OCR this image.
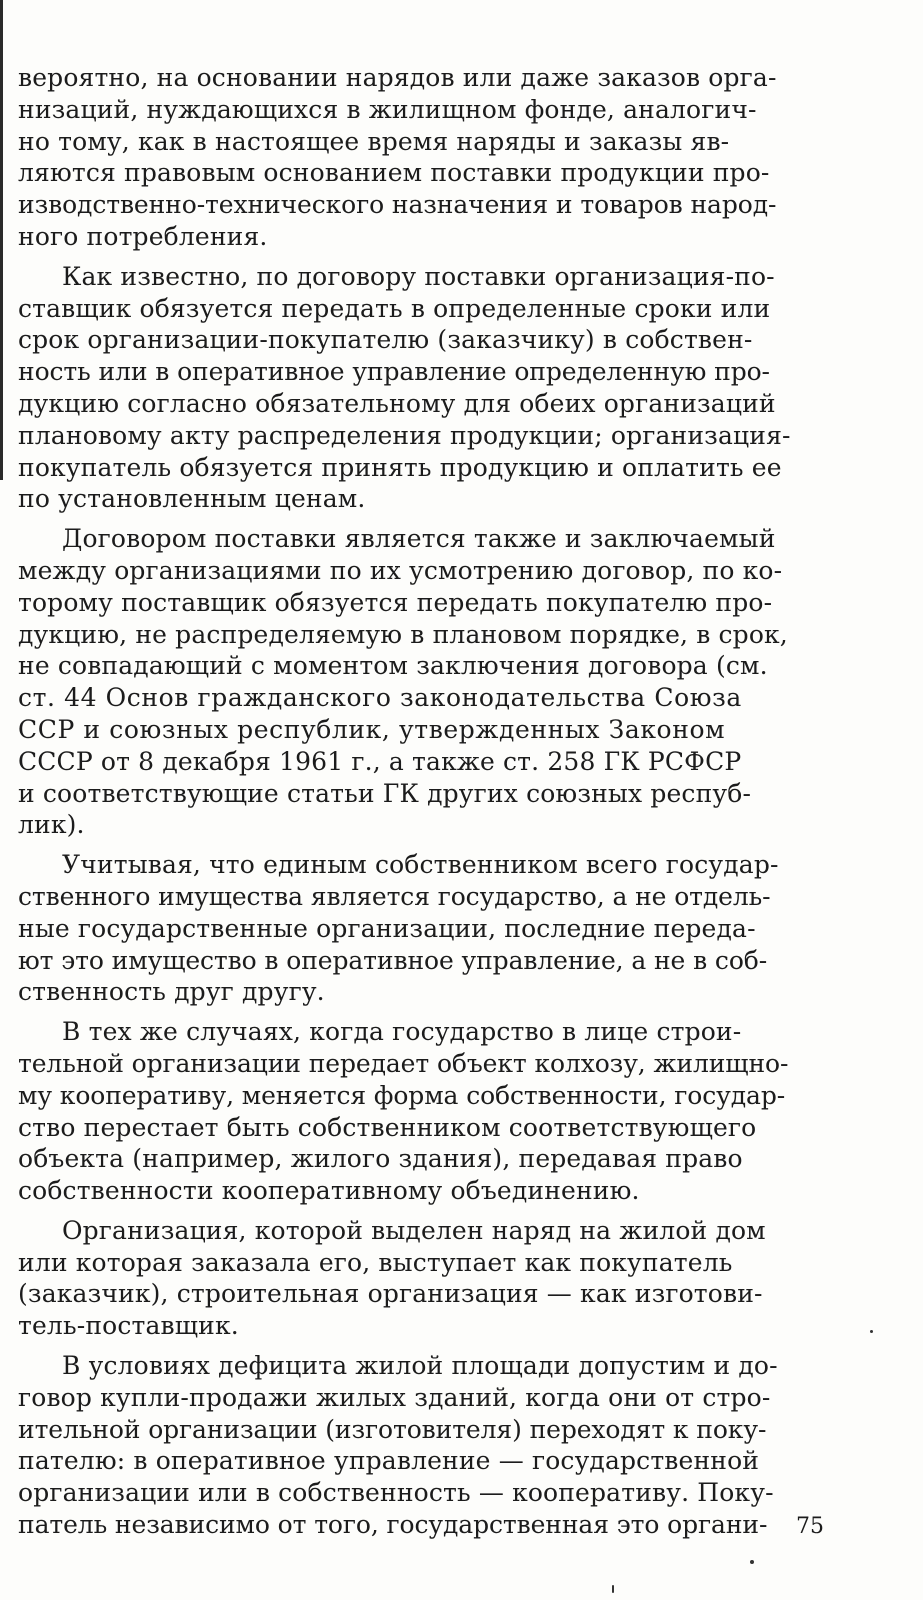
вероятно, на основании нарядов или даже заказов орга-
низаций, нуждающихся в жилищном фонде, аналогич-
но тому, как в настоящее время наряды и заказы яв-
ляются правовым основанием поставки продукции про-
изводственно-технического назначения и товаров народ-
ного потребления.
Как известно, по договору поставки организация-по-
ставщик обязуется передать в определенные сроки или
срок организации-покупателю (заказчику) в собствен-
ность или в оперативное управление определенную про-
дукцию согласно обязательному для обеих организаций
плановому акту распределения продукции; организация-
покупатель обязуется принять продукцию и оплатить ее
по установленным ценам.
Договором поставки является также и заключаемый
между организациями по их усмотрению договор, по ко-
торому поставщик обязуется передать покупателю про-
дукцию, не распределяемую в плановом порядке, в срок,
не совпадающий с моментом заключения договора (см.
ст. 44 Основ гражданского законодательства Союза
ССР и союзных республик, утвержденных Законом
СССР от 8 декабря 1961 г., а также ст. 258 ГК РСФСР
и соответствующие статьи ГК других союзных респуб-
лик).
Учитывая, что единым собственником всего государ-
ственного имущества является государство, а не отдель-
ные государственные организации, последние переда-
ют это имущество в оперативное управление, а не в соб-
ственность друг другу.
В тех же случаях, когда государство в лице строи-
тельной организации передает объект колхозу, жилищно-
му кооперативу, меняется форма собственности, государ-
ство перестает быть собственником соответствующего
объекта (например, жилого здания), передавая право
собственности кооперативному объединению.
Организация, которой выделен наряд на жилой дом
или которая заказала его, выступает как покупатель
(заказчик), строительная организация — как изготови-
тель-поставщик.
В условиях дефицита жилой площади допустим и до-
говор купли-продажи жилых зданий, когда они от стро-
ительной организации (изготовителя) переходят к поку-
пателю: в оперативное управление — государственной
организации или в собственность — кооперативу. Поку-
патель независимо от того, государственная это органи-	75
